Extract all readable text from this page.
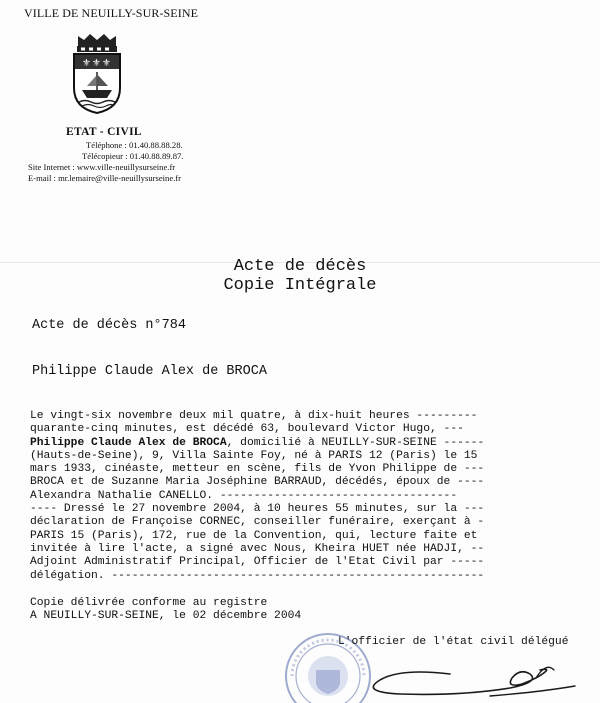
VILLE DE NEUILLY-SUR-SEINE
⚜ ⚜ ⚜
ETAT - CIVIL
Téléphone : 01.40.88.88.28.
Télécopieur : 01.40.88.89.87.
Site Internet : www.ville-neuillysurseine.fr
E-mail : mr.lemaire@ville-neuillysurseine.fr
Acte de décès
Copie Intégrale
Acte de décès n°784
Philippe Claude Alex de BROCA
Le vingt-six novembre deux mil quatre, à dix-huit heures ---------
quarante-cinq minutes, est décédé 63, boulevard Victor Hugo, ---
Philippe Claude Alex de BROCA, domicilié à NEUILLY-SUR-SEINE ------
(Hauts-de-Seine), 9, Villa Sainte Foy, né à PARIS 12 (Paris) le 15
mars 1933, cinéaste, metteur en scène, fils de Yvon Philippe de ---
BROCA et de Suzanne Maria Joséphine BARRAUD, décédés, époux de ----
Alexandra Nathalie CANELLO. -----------------------------------
---- Dressé le 27 novembre 2004, à 10 heures 55 minutes, sur la ---
déclaration de Françoise CORNEC, conseiller funéraire, exerçant à -
PARIS 15 (Paris), 172, rue de la Convention, qui, lecture faite et
invitée à lire l'acte, a signé avec Nous, Kheira HUET née HADJI, --
Adjoint Administratif Principal, Officier de l'Etat Civil par -----
délégation. -------------------------------------------------------
Copie délivrée conforme au registre
A NEUILLY-SUR-SEINE, le 02 décembre 2004
L'officier de l'état civil délégué
